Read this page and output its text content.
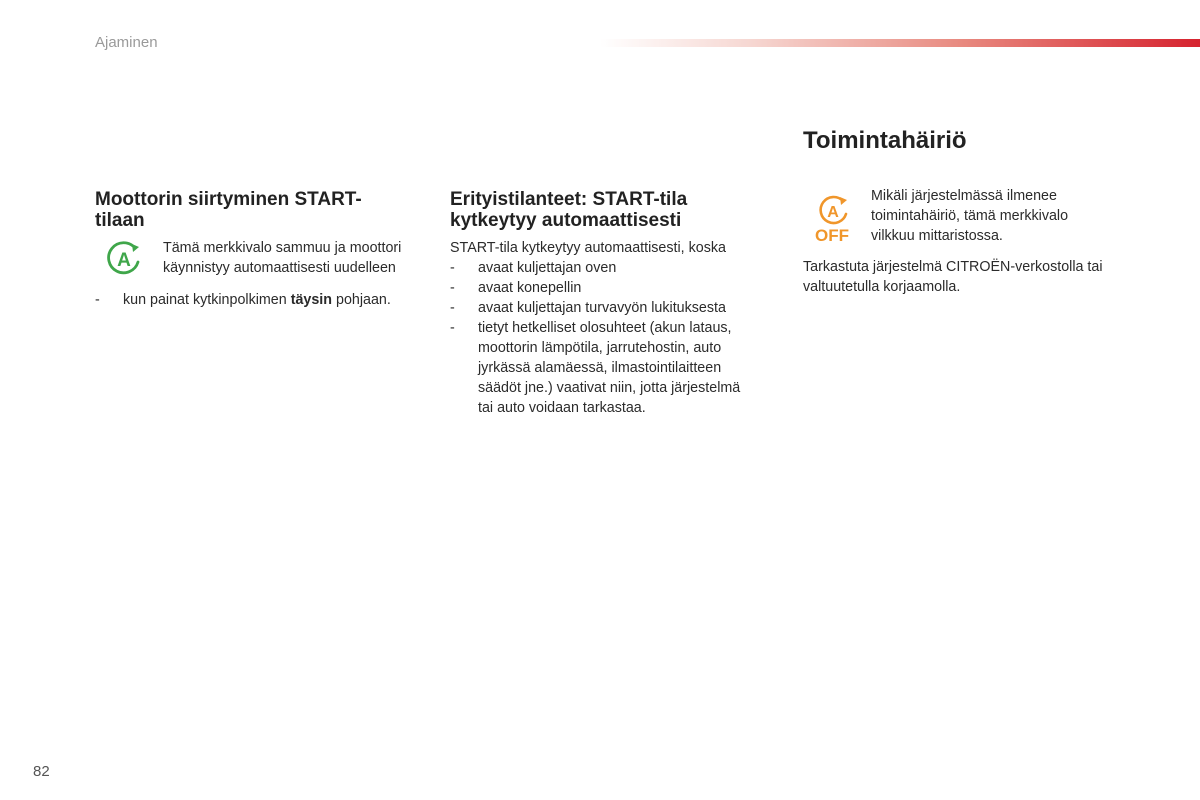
Ajaminen
Moottorin siirtyminen START-
tilaan
A
Tämä merkkivalo sammuu ja moottori
käynnistyy automaattisesti uudelleen
- kun painat kytkinpolkimen täysin pohjaan.
Erityistilanteet: START-tila
kytkeytyy automaattisesti
START-tila kytkeytyy automaattisesti, koska
- avaat kuljettajan oven
- avaat konepellin
- avaat kuljettajan turvavyön lukituksesta
- tietyt hetkelliset olosuhteet (akun lataus,
moottorin lämpötila, jarrutehostin, auto
jyrkässä alamäessä, ilmastointilaitteen
säädöt jne.) vaativat niin, jotta järjestelmä
tai auto voidaan tarkastaa.
Toimintahäiriö
A
OFF
Mikäli järjestelmässä ilmenee
toimintahäiriö, tämä merkkivalo
vilkkuu mittaristossa.
Tarkastuta järjestelmä CITROËN-verkostolla tai
valtuutetulla korjaamolla.
82
